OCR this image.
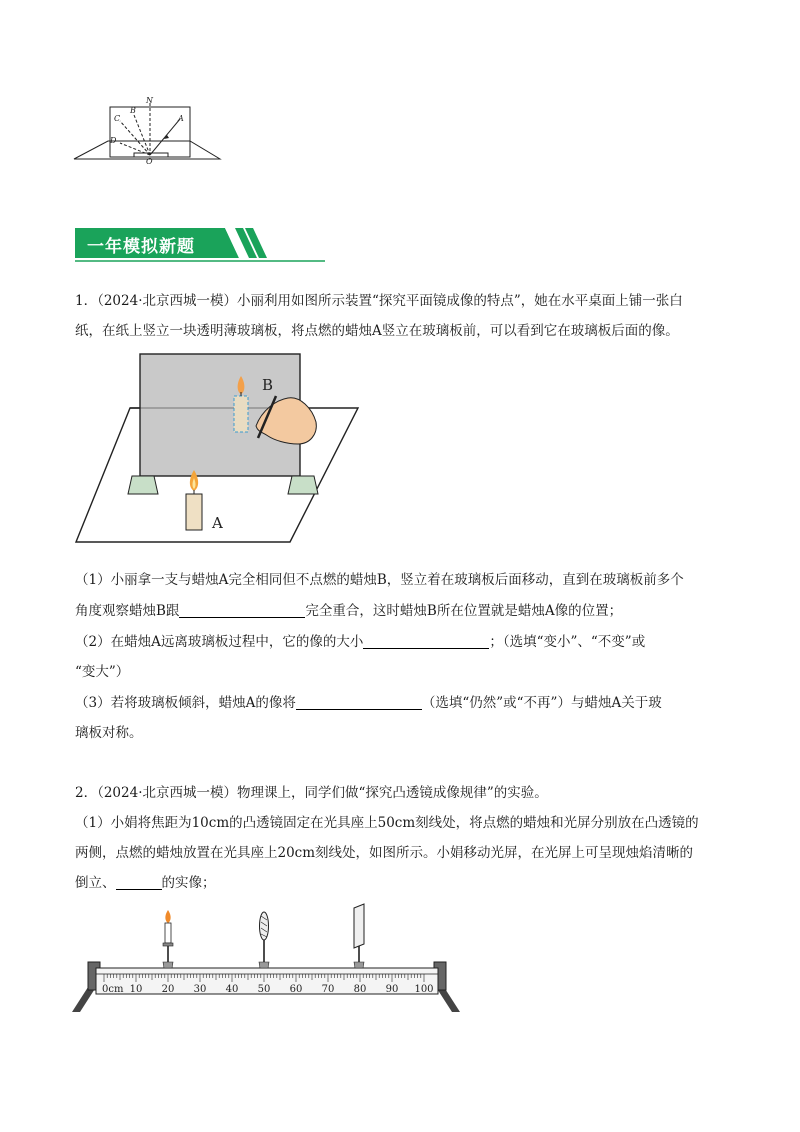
N
B
C	A
D
O
一年模拟新题
1．（2024·北京西城一模）小丽利用如图所示装置“探究平面镜成像的特点”，她在水平桌面上铺一张白
纸，在纸上竖立一块透明薄玻璃板，将点燃的蜡烛A竖立在玻璃板前，可以看到它在玻璃板后面的像。
B
A
（1）小丽拿一支与蜡烛A完全相同但不点燃的蜡烛B，竖立着在玻璃板后面移动，直到在玻璃板前多个
角度观察蜡烛B跟	完全重合，这时蜡烛B所在位置就是蜡烛A像的位置；
（2）在蜡烛A远离玻璃板过程中，它的像的大小	；（选填“变小”、“不变”或
“变大”）
（3）若将玻璃板倾斜，蜡烛A的像将	（选填“仍然”或“不再”）与蜡烛A关于玻
璃板对称。
2．（2024·北京西城一模）物理课上，同学们做“探究凸透镜成像规律”的实验。
（1）小娟将焦距为10cm的凸透镜固定在光具座上50cm刻线处，将点燃的蜡烛和光屏分别放在凸透镜的
两侧，点燃的蜡烛放置在光具座上20cm刻线处，如图所示。小娟移动光屏，在光屏上可呈现烛焰清晰的
倒立、	的实像；
0cm 10 20 30 40 50 60 70 80 90 100
